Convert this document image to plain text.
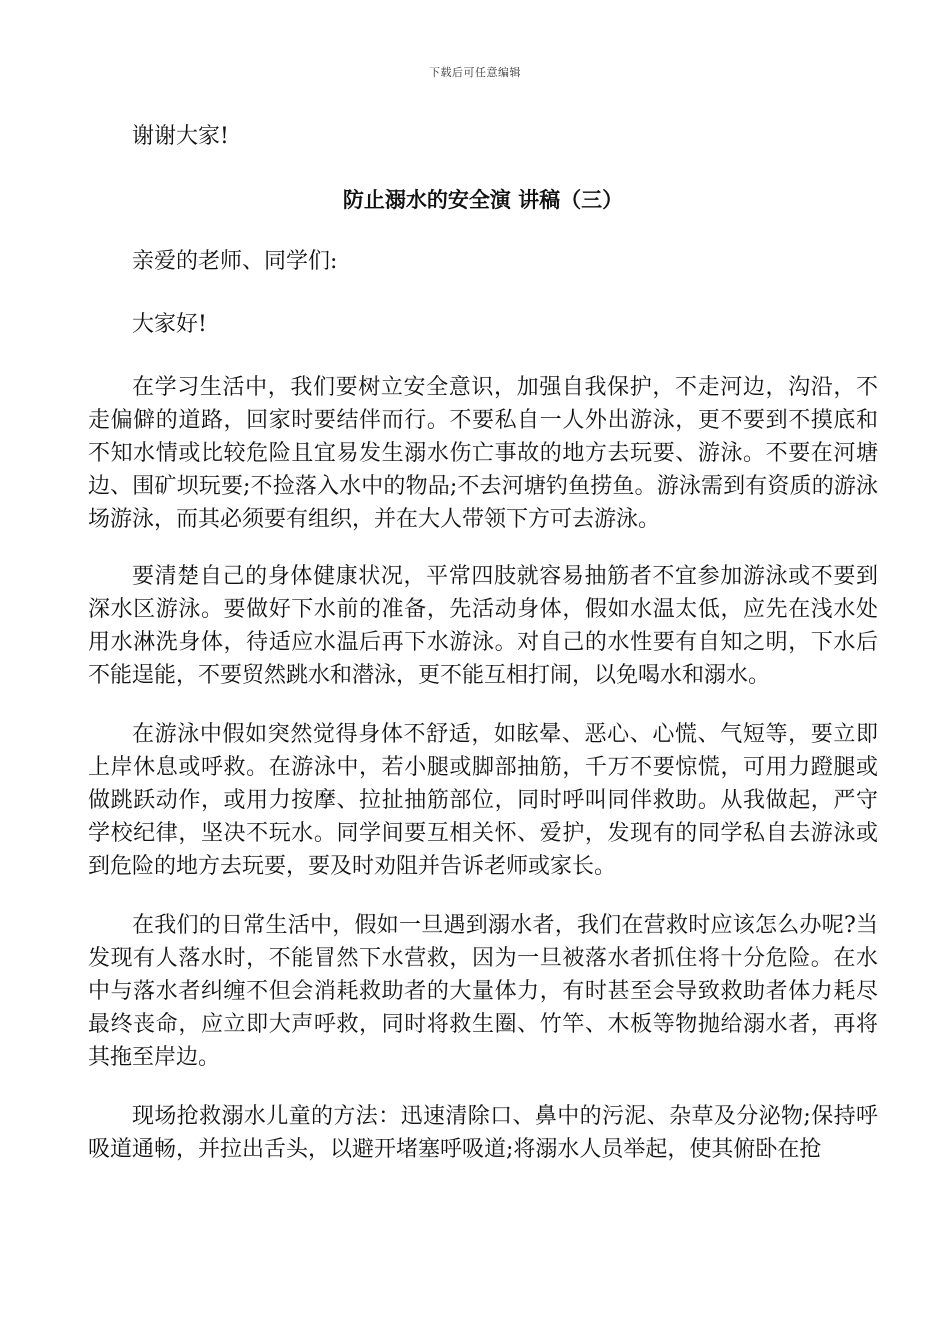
下载后可任意编辑

谢谢大家!

防止溺水的安全演 讲稿（三）

亲爱的老师、同学们:

大家好!

在学习生活中，我们要树立安全意识，加强自我保护，不走河边，沟沿，不走偏僻的道路，回家时要结伴而行。不要私自一人外出游泳，更不要到不摸底和不知水情或比较危险且宜易发生溺水伤亡事故的地方去玩要、游泳。不要在河塘边、围矿坝玩要;不捡落入水中的物品;不去河塘钓鱼捞鱼。游泳需到有资质的游泳场游泳，而其必须要有组织，并在大人带领下方可去游泳。

要清楚自己的身体健康状况，平常四肢就容易抽筋者不宜参加游泳或不要到深水区游泳。要做好下水前的准备，先活动身体，假如水温太低，应先在浅水处用水淋洗身体，待适应水温后再下水游泳。对自己的水性要有自知之明，下水后不能逞能，不要贸然跳水和潜泳，更不能互相打闹，以免喝水和溺水。

在游泳中假如突然觉得身体不舒适，如眩晕、恶心、心慌、气短等，要立即上岸休息或呼救。在游泳中，若小腿或脚部抽筋，千万不要惊慌，可用力蹬腿或做跳跃动作，或用力按摩、拉扯抽筋部位，同时呼叫同伴救助。从我做起，严守学校纪律，坚决不玩水。同学间要互相关怀、爱护，发现有的同学私自去游泳或到危险的地方去玩要，要及时劝阻并告诉老师或家长。

在我们的日常生活中，假如一旦遇到溺水者，我们在营救时应该怎么办呢?当发现有人落水时，不能冒然下水营救，因为一旦被落水者抓住将十分危险。在水中与落水者纠缠不但会消耗救助者的大量体力，有时甚至会导致救助者体力耗尽最终丧命，应立即大声呼救，同时将救生圈、竹竿、木板等物抛给溺水者，再将其拖至岸边。

现场抢救溺水儿童的方法：迅速清除口、鼻中的污泥、杂草及分泌物;保持呼吸道通畅，并拉出舌头，以避开堵塞呼吸道;将溺水人员举起，使其俯卧在抢
